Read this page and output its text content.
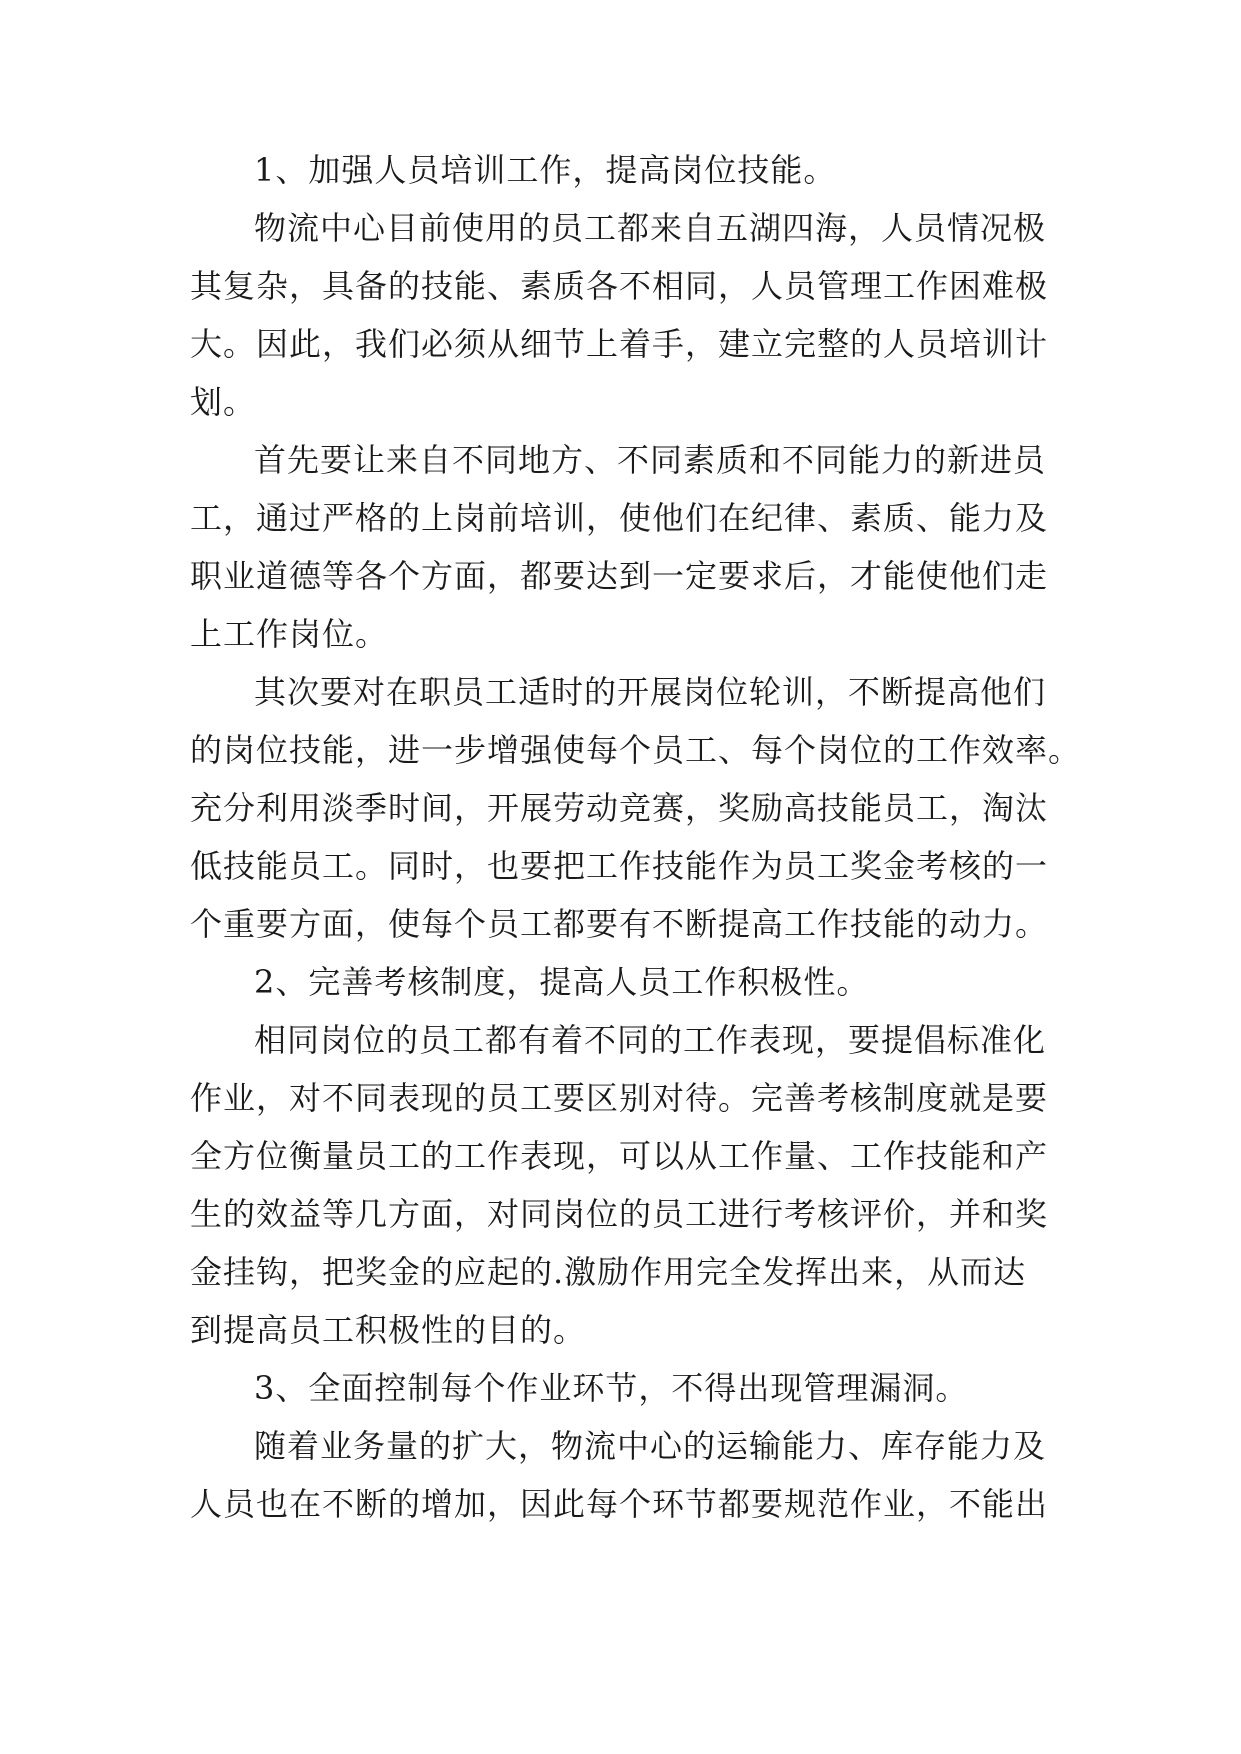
1、加强人员培训工作，提高岗位技能。
物流中心目前使用的员工都来自五湖四海，人员情况极
其复杂，具备的技能、素质各不相同，人员管理工作困难极
大。因此，我们必须从细节上着手，建立完整的人员培训计
划。
首先要让来自不同地方、不同素质和不同能力的新进员
工，通过严格的上岗前培训，使他们在纪律、素质、能力及
职业道德等各个方面，都要达到一定要求后，才能使他们走
上工作岗位。
其次要对在职员工适时的开展岗位轮训，不断提高他们
的岗位技能，进一步增强使每个员工、每个岗位的工作效率。
充分利用淡季时间，开展劳动竞赛，奖励高技能员工，淘汰
低技能员工。同时，也要把工作技能作为员工奖金考核的一
个重要方面，使每个员工都要有不断提高工作技能的动力。
2、完善考核制度，提高人员工作积极性。
相同岗位的员工都有着不同的工作表现，要提倡标准化
作业，对不同表现的员工要区别对待。完善考核制度就是要
全方位衡量员工的工作表现，可以从工作量、工作技能和产
生的效益等几方面，对同岗位的员工进行考核评价，并和奖
金挂钩，把奖金的应起的.激励作用完全发挥出来，从而达
到提高员工积极性的目的。
3、全面控制每个作业环节，不得出现管理漏洞。
随着业务量的扩大，物流中心的运输能力、库存能力及
人员也在不断的增加，因此每个环节都要规范作业，不能出
